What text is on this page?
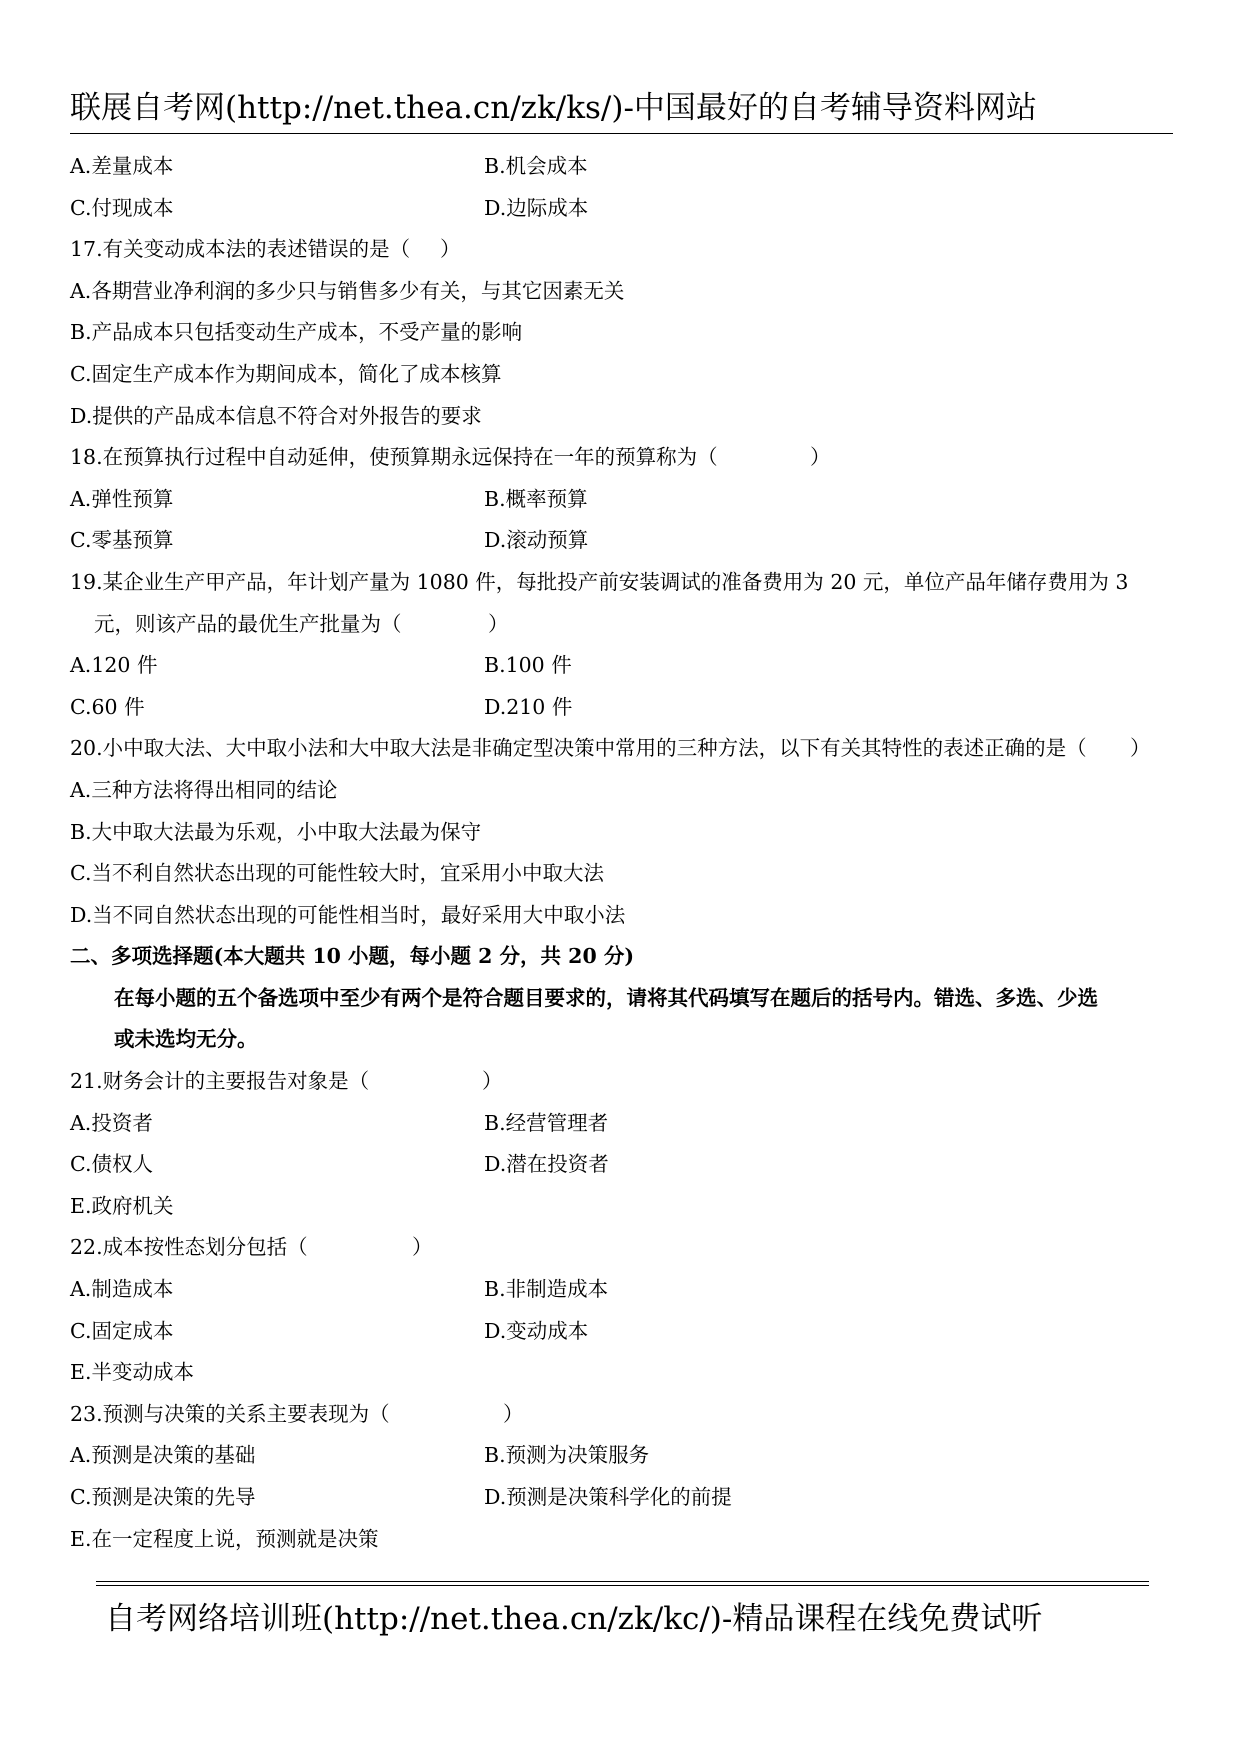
联展自考网(http://net.thea.cn/zk/ks/)-中国最好的自考辅导资料网站
A.差量成本	B.机会成本
C.付现成本	D.边际成本
17.有关变动成本法的表述错误的是（ ）
A.各期营业净利润的多少只与销售多少有关，与其它因素无关
B.产品成本只包括变动生产成本，不受产量的影响
C.固定生产成本作为期间成本，简化了成本核算
D.提供的产品成本信息不符合对外报告的要求
18.在预算执行过程中自动延伸，使预算期永远保持在一年的预算称为（	）
A.弹性预算	B.概率预算
C.零基预算	D.滚动预算
19.某企业生产甲产品，年计划产量为 1080 件，每批投产前安装调试的准备费用为 20 元，单位产品年储存费用为 3
元，则该产品的最优生产批量为（	）
A.120 件	B.100 件
C.60 件	D.210 件
20.小中取大法、大中取小法和大中取大法是非确定型决策中常用的三种方法，以下有关其特性的表述正确的是（ ）
A.三种方法将得出相同的结论
B.大中取大法最为乐观，小中取大法最为保守
C.当不利自然状态出现的可能性较大时，宜采用小中取大法
D.当不同自然状态出现的可能性相当时，最好采用大中取小法
二、多项选择题(本大题共 10 小题，每小题 2 分，共 20 分)
在每小题的五个备选项中至少有两个是符合题目要求的，请将其代码填写在题后的括号内。错选、多选、少选
或未选均无分。
21.财务会计的主要报告对象是（	）
A.投资者	B.经营管理者
C.债权人	D.潜在投资者
E.政府机关
22.成本按性态划分包括（	）
A.制造成本	B.非制造成本
C.固定成本	D.变动成本
E.半变动成本
23.预测与决策的关系主要表现为（	）
A.预测是决策的基础	B.预测为决策服务
C.预测是决策的先导	D.预测是决策科学化的前提
E.在一定程度上说，预测就是决策
自考网络培训班(http://net.thea.cn/zk/kc/)-精品课程在线免费试听
